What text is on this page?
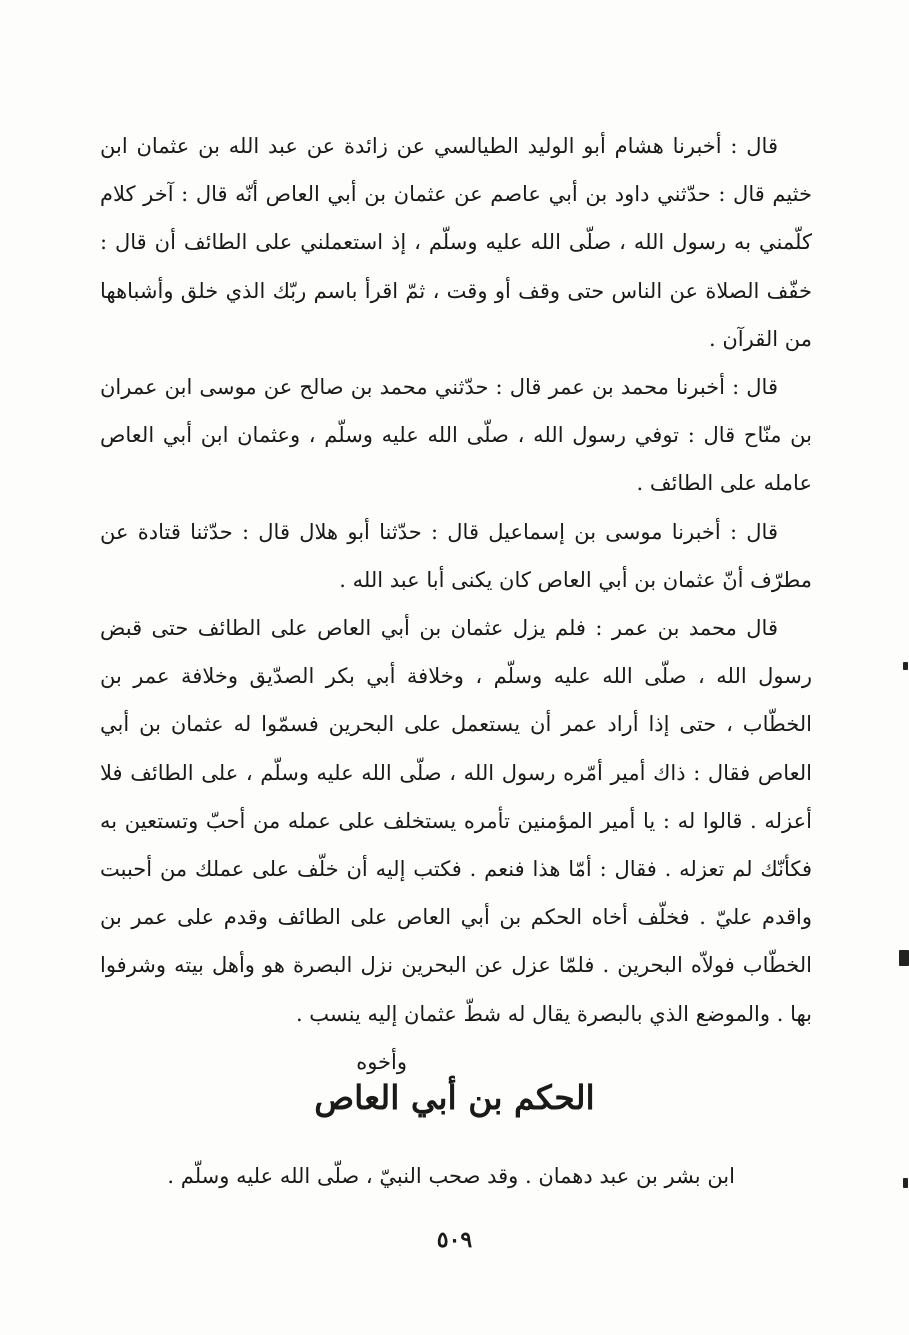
قال : أخبرنا هشام أبو الوليد الطيالسي عن زائدة عن عبد الله بن عثمان ابن خثيم قال : حدّثني داود بن أبي عاصم عن عثمان بن أبي العاص أنّه قال : آخر كلام كلّمني به رسول الله ، صلّى الله عليه وسلّم ، إذ استعملني على الطائف أن قال : خفّف الصلاة عن الناس حتى وقف أو وقت ، ثمّ اقرأ باسم ربّك الذي خلق وأشباهها من القرآن .

قال : أخبرنا محمد بن عمر قال : حدّثني محمد بن صالح عن موسى ابن عمران بن منّاح قال : توفي رسول الله ، صلّى الله عليه وسلّم ، وعثمان ابن أبي العاص عامله على الطائف .

قال : أخبرنا موسى بن إسماعيل قال : حدّثنا أبو هلال قال : حدّثنا قتادة عن مطرّف أنّ عثمان بن أبي العاص كان يكنى أبا عبد الله .

قال محمد بن عمر : فلم يزل عثمان بن أبي العاص على الطائف حتى قبض رسول الله ، صلّى الله عليه وسلّم ، وخلافة أبي بكر الصدّيق وخلافة عمر بن الخطّاب ، حتى إذا أراد عمر أن يستعمل على البحرين فسمّوا له عثمان بن أبي العاص فقال : ذاك أمير أمّره رسول الله ، صلّى الله عليه وسلّم ، على الطائف فلا أعزله . قالوا له : يا أمير المؤمنين تأمره يستخلف على عمله من أحبّ وتستعين به فكأنّك لم تعزله . فقال : أمّا هذا فنعم . فكتب إليه أن خلّف على عملك من أحببت واقدم عليّ . فخلّف أخاه الحكم بن أبي العاص على الطائف وقدم على عمر بن الخطّاب فولاّه البحرين . فلمّا عزل عن البحرين نزل البصرة هو وأهل بيته وشرفوا بها . والموضع الذي بالبصرة يقال له شطّ عثمان إليه ينسب .

وأخوه

الحكم بن أبي العاص
ابن بشر بن عبد دهمان . وقد صحب النبيّ ، صلّى الله عليه وسلّم .
٥٠٩
